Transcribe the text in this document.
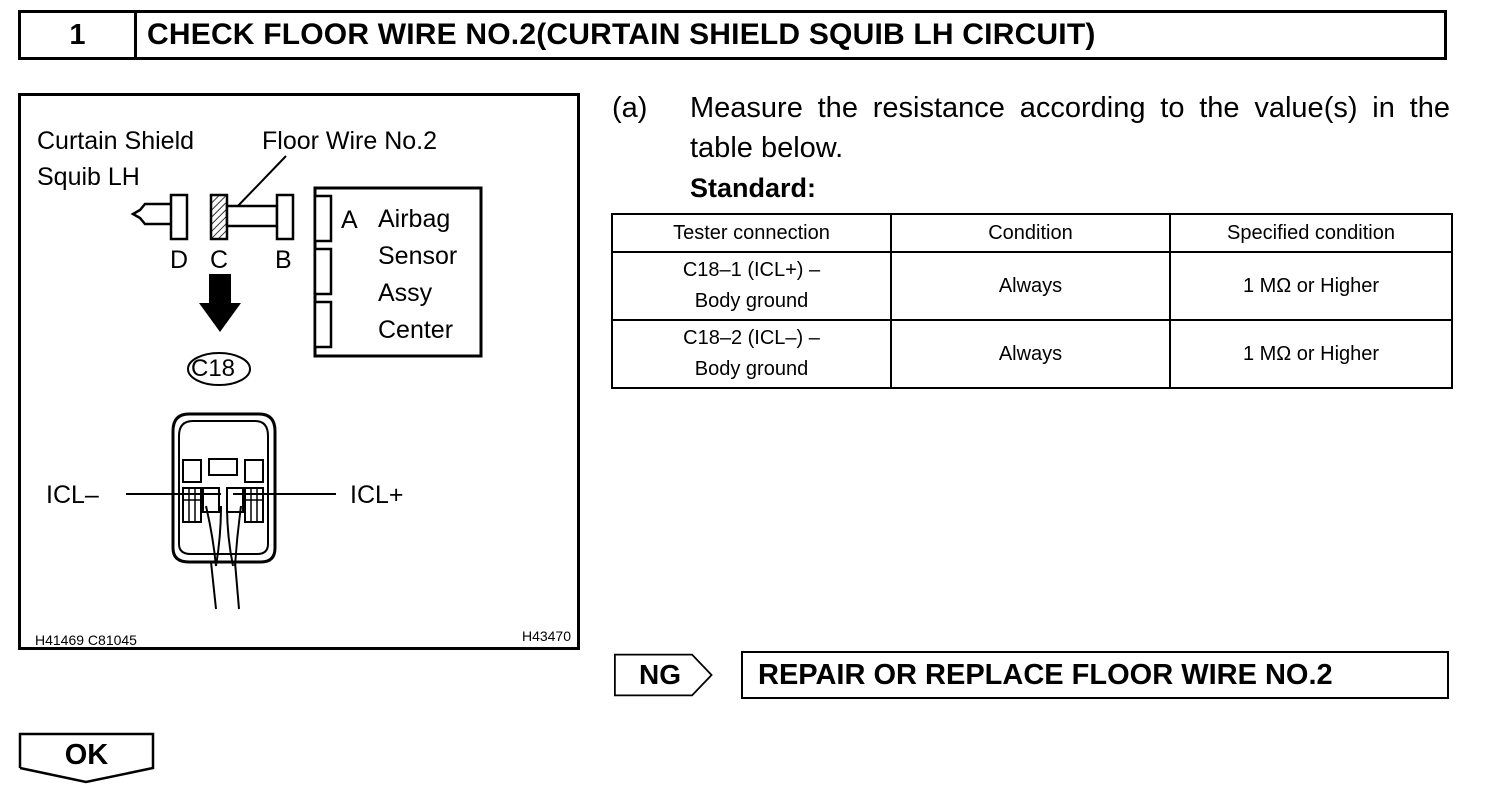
1	CHECK FLOOR WIRE NO.2(CURTAIN SHIELD SQUIB LH CIRCUIT)
Curtain Shield
Squib LH
Floor Wire No.2
D C B
A Airbag
Sensor
Assy
Center
C18
ICL–	ICL+
H41469 C81045	H43470
(a) Measure the resistance according to the value(s) in the table below.
Standard:
Tester connection	Condition	Specified condition

C18–1 (ICL+) –
Body ground	Always	1 MΩ or Higher

C18–2 (ICL–) –
Body ground	Always	1 MΩ or Higher
NG	REPAIR OR REPLACE FLOOR WIRE NO.2
OK
